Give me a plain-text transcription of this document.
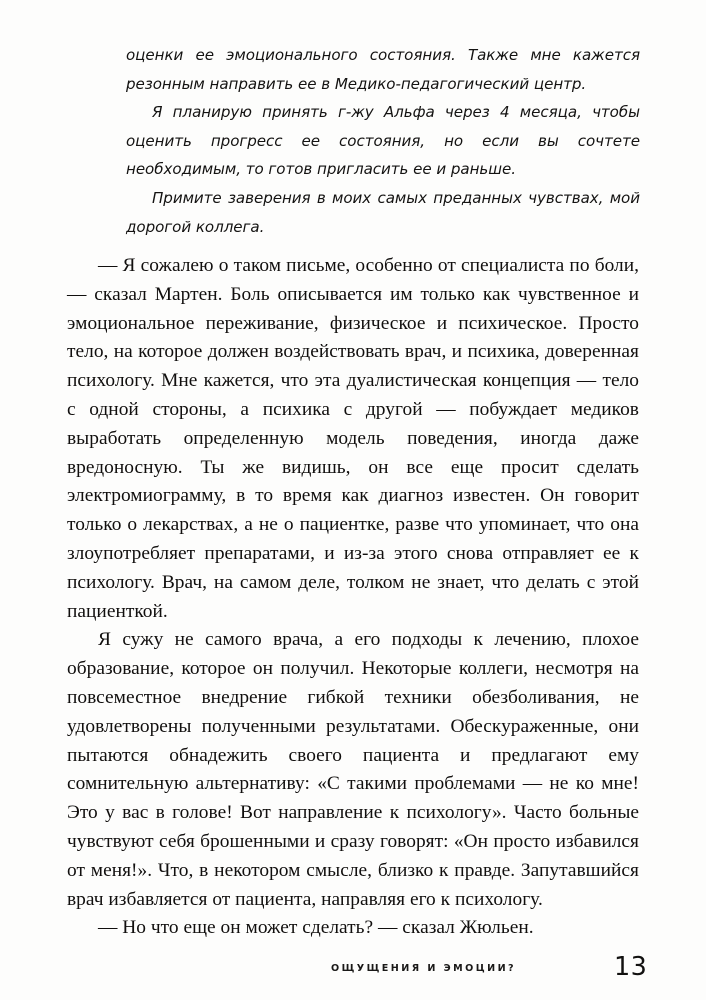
оценки ее эмоционального состояния. Также мне кажется резонным направить ее в Медико-педагогический центр.

Я планирую принять г-жу Альфа через 4 месяца, чтобы оценить прогресс ее состояния, но если вы сочтете необходимым, то готов пригласить ее и раньше.

Примите заверения в моих самых преданных чувствах, мой дорогой коллега.

— Я сожалею о таком письме, особенно от специалиста по боли, — сказал Мартен. Боль описывается им только как чувственное и эмоциональное переживание, физическое и психическое. Просто тело, на которое должен воздействовать врач, и психика, доверенная психологу. Мне кажется, что эта дуалистическая концепция — тело с одной стороны, а психика с другой — побуждает медиков выработать определенную модель поведения, иногда даже вредоносную. Ты же видишь, он все еще просит сделать электромиограмму, в то время как диагноз известен. Он говорит только о лекарствах, а не о пациентке, разве что упоминает, что она злоупотребляет препаратами, и из-за этого снова отправляет ее к психологу. Врач, на самом деле, толком не знает, что делать с этой пациенткой.

Я сужу не самого врача, а его подходы к лечению, плохое образование, которое он получил. Некоторые коллеги, несмотря на повсеместное внедрение гибкой техники обезболивания, не удовлетворены полученными результатами. Обескураженные, они пытаются обнадежить своего пациента и предлагают ему сомнительную альтернативу: «С такими проблемами — не ко мне! Это у вас в голове! Вот направление к психологу». Часто больные чувствуют себя брошенными и сразу говорят: «Он просто избавился от меня!». Что, в некотором смысле, близко к правде. Запутавшийся врач избавляется от пациента, направляя его к психологу.

— Но что еще он может сделать? — сказал Жюльен.

ОЩУЩЕНИЯ И ЭМОЦИИ?	13
